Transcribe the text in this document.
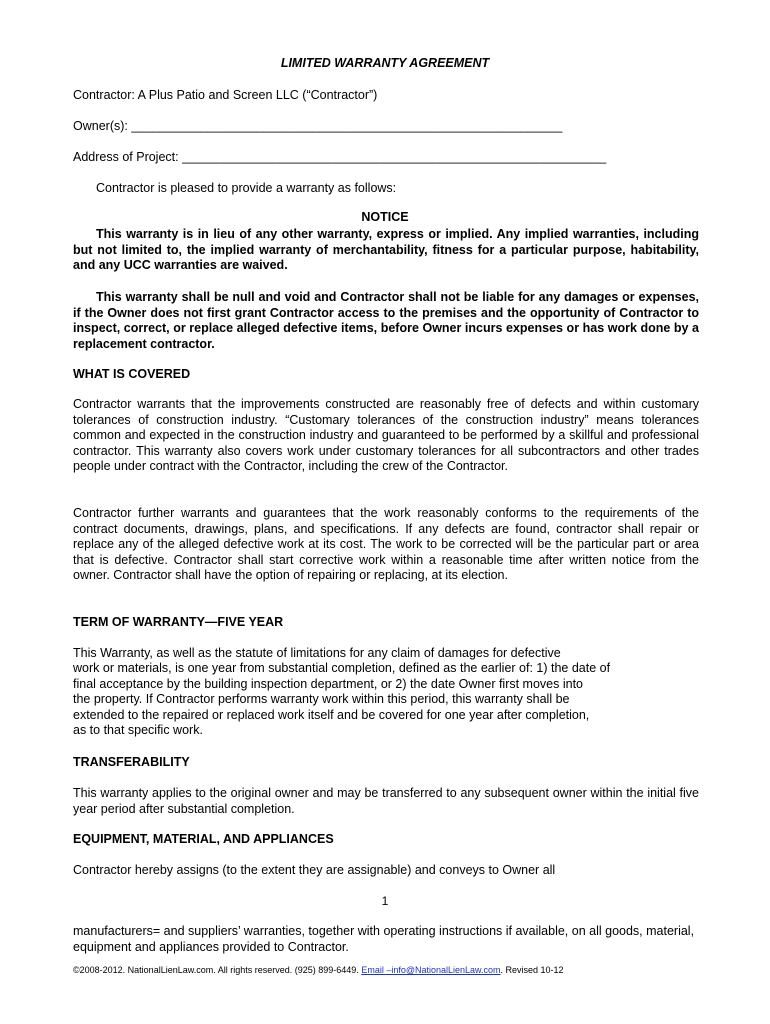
LIMITED WARRANTY AGREEMENT
Contractor: A Plus Patio and Screen LLC (“Contractor”)
Owner(s): ______________________________________________________________
Address of Project: _____________________________________________________________
Contractor is pleased to provide a warranty as follows:
NOTICE
This warranty is in lieu of any other warranty, express or implied. Any implied warranties, including but not limited to, the implied warranty of merchantability, fitness for a particular purpose, habitability, and any UCC warranties are waived.
This warranty shall be null and void and Contractor shall not be liable for any damages or expenses, if the Owner does not first grant Contractor access to the premises and the opportunity of Contractor to inspect, correct, or replace alleged defective items, before Owner incurs expenses or has work done by a replacement contractor.
WHAT IS COVERED
Contractor warrants that the improvements constructed are reasonably free of defects and within customary tolerances of construction industry. “Customary tolerances of the construction industry” means tolerances common and expected in the construction industry and guaranteed to be performed by a skillful and professional contractor. This warranty also covers work under customary tolerances for all subcontractors and other trades people under contract with the Contractor, including the crew of the Contractor.
Contractor further warrants and guarantees that the work reasonably conforms to the requirements of the contract documents, drawings, plans, and specifications. If any defects are found, contractor shall repair or replace any of the alleged defective work at its cost. The work to be corrected will be the particular part or area that is defective. Contractor shall start corrective work within a reasonable time after written notice from the owner. Contractor shall have the option of repairing or replacing, at its election.
TERM OF WARRANTY—FIVE YEAR
This Warranty, as well as the statute of limitations for any claim of damages for defective
work or materials, is one year from substantial completion, defined as the earlier of: 1) the date of
final acceptance by the building inspection department, or 2) the date Owner first moves into
the property. If Contractor performs warranty work within this period, this warranty shall be
extended to the repaired or replaced work itself and be covered for one year after completion,
as to that specific work.
TRANSFERABILITY
This warranty applies to the original owner and may be transferred to any subsequent owner within the initial five year period after substantial completion.
EQUIPMENT, MATERIAL, AND APPLIANCES
Contractor hereby assigns (to the extent they are assignable) and conveys to Owner all
1
manufacturers= and suppliers’ warranties, together with operating instructions if available, on all goods, material, equipment and appliances provided to Contractor.
©2008-2012. NationalLienLaw.com. All rights reserved. (925) 899-6449. Email –info@NationalLienLaw.com. Revised 10-12
